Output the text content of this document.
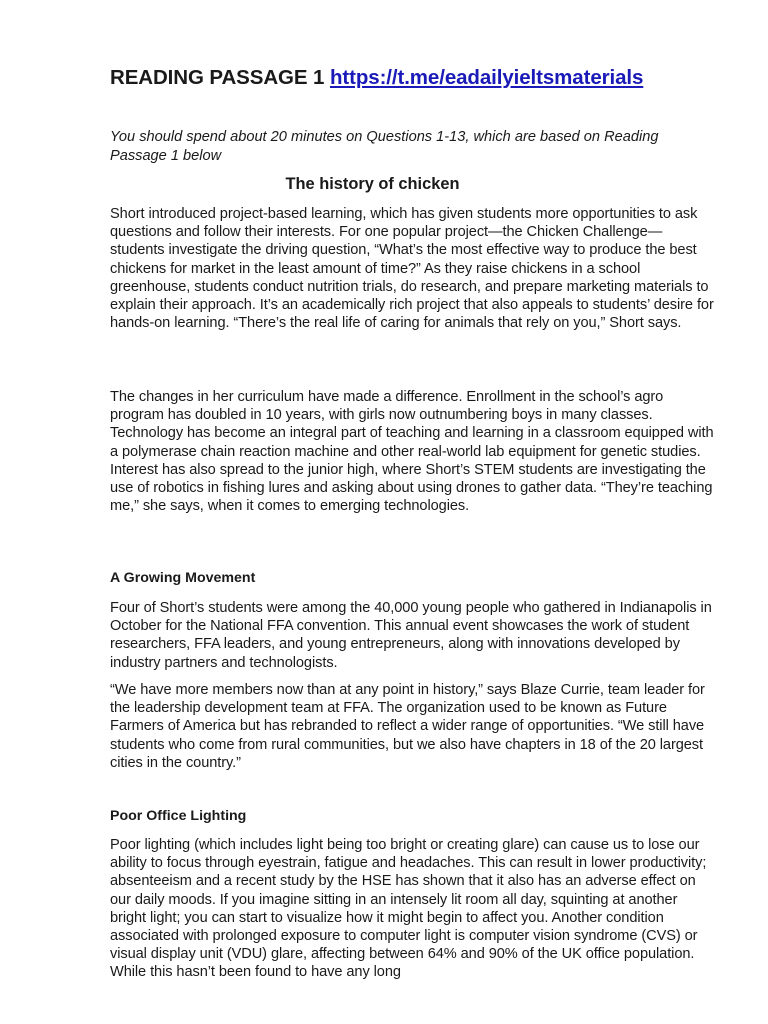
READING PASSAGE 1 https://t.me/eadailyieltsmaterials
You should spend about 20 minutes on Questions 1-13, which are based on Reading Passage 1 below
The history of chicken

Short introduced project-based learning, which has given students more opportunities to ask questions and follow their interests. For one popular project—the Chicken Challenge— students investigate the driving question, “What’s the most effective way to produce the best chickens for market in the least amount of time?” As they raise chickens in a school greenhouse, students conduct nutrition trials, do research, and prepare marketing materials to explain their approach. It’s an academically rich project that also appeals to students’ desire for hands-on learning. “There’s the real life of caring for animals that rely on you,” Short says.

The changes in her curriculum have made a difference. Enrollment in the school’s agro program has doubled in 10 years, with girls now outnumbering boys in many classes. Technology has become an integral part of teaching and learning in a classroom equipped with a polymerase chain reaction machine and other real-world lab equipment for genetic studies. Interest has also spread to the junior high, where Short’s STEM students are investigating the use of robotics in fishing lures and asking about using drones to gather data. “They’re teaching me,” she says, when it comes to emerging technologies.

A Growing Movement

Four of Short’s students were among the 40,000 young people who gathered in Indianapolis in October for the National FFA convention. This annual event showcases the work of student researchers, FFA leaders, and young entrepreneurs, along with innovations developed by industry partners and technologists.

“We have more members now than at any point in history,” says Blaze Currie, team leader for the leadership development team at FFA. The organization used to be known as Future Farmers of America but has rebranded to reflect a wider range of opportunities. “We still have students who come from rural communities, but we also have chapters in 18 of the 20 largest cities in the country.”

Poor Office Lighting

Poor lighting (which includes light being too bright or creating glare) can cause us to lose our ability to focus through eyestrain, fatigue and headaches. This can result in lower productivity; absenteeism and a recent study by the HSE has shown that it also has an adverse effect on our daily moods. If you imagine sitting in an intensely lit room all day, squinting at another bright light; you can start to visualize how it might begin to affect you. Another condition associated with prolonged exposure to computer light is computer vision syndrome (CVS) or visual display unit (VDU) glare, affecting between 64% and 90% of the UK office population. While this hasn’t been found to have any long
